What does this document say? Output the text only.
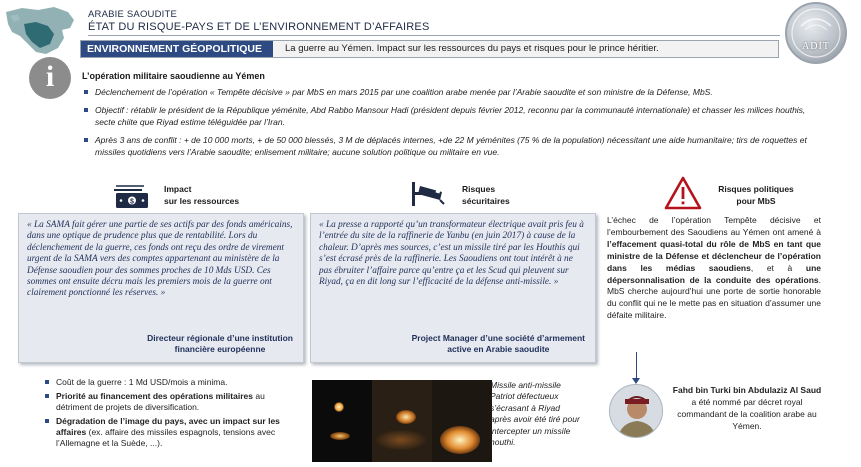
ARABIE SAOUDITE
ÉTAT DU RISQUE-PAYS ET DE L’ENVIRONNEMENT D’AFFAIRES
ADIT
ENVIRONNEMENT GÉOPOLITIQUE	La guerre au Yémen. Impact sur les ressources du pays et risques pour le prince héritier.
i	L’opération militaire saoudienne au Yémen
Déclenchement de l’opération « Tempête décisive » par MbS en mars 2015 par une coalition arabe menée par l’Arabie saoudite et son ministre de la Défense, MbS.
Objectif : rétablir le président de la République yéménite, Abd Rabbo Mansour Hadi (président depuis février 2012, reconnu par la communauté internationale) et chasser les milices houthis, secte chiite que Riyad estime téléguidée par l’Iran.
Après 3 ans de conflit : + de 10 000 morts, + de 50 000 blessés, 3 M de déplacés internes, +de 22 M yéménites (75 % de la population) nécessitant une aide humanitaire; tirs de roquettes et missiles quotidiens vers l’Arabie saoudite; enlisement militaire; aucune solution politique ou militaire en vue.
$
Impact
sur les ressources
Risques
sécuritaires
Risques politiques
pour MbS
« La SAMA fait gérer une partie de ses actifs par des fonds américains, dans une optique de prudence plus que de rentabilité. Lors du déclenchement de la guerre, ces fonds ont reçu des ordre de virement urgent de la SAMA vers des comptes appartenant au ministère de la Défense saoudien pour des sommes proches de 10 Mds USD. Ces sommes ont ensuite décru mais les premiers mois de la guerre ont clairement ponctionné les réserves. »
Directeur régionale d’une institution
financière européenne
« La presse a rapporté qu’un transformateur électrique avait pris feu à l’entrée du site de la raffinerie de Yanbu (en juin 2017) à cause de la chaleur. D’après mes sources, c’est un missile tiré par les Houthis qui s’est écrasé près de la raffinerie. Les Saoudiens ont tout intérêt à ne pas ébruiter l’affaire parce qu’entre ça et les Scud qui pleuvent sur Riyad, ça en dit long sur l’efficacité de la défense anti-missile. »
Project Manager d’une société d’armement
active en Arabie saoudite
L’échec de l’opération Tempête décisive et l’embourbement des Saoudiens au Yémen ont amené à l’effacement quasi-total du rôle de MbS en tant que ministre de la Défense et déclencheur de l’opération dans les médias saoudiens, et à une dépersonnalisation de la conduite des opérations. MbS cherche aujourd’hui une porte de sortie honorable du conflit qui ne le mette pas en situation d’assumer une défaite militaire.
Coût de la guerre : 1 Md USD/mois a minima.
Priorité au financement des opérations militaires au détriment de projets de diversification.
Dégradation de l’image du pays, avec un impact sur les affaires (ex. affaire des missiles espagnols, tensions avec l’Allemagne et la Suède, ...).
Missile anti-missile Patriot défectueux s’écrasant à Riyad après avoir été tiré pour intercepter un missile houthi.
Fahd bin Turki bin Abdulaziz Al Saud a été nommé par décret royal commandant de la coalition arabe au Yémen.
